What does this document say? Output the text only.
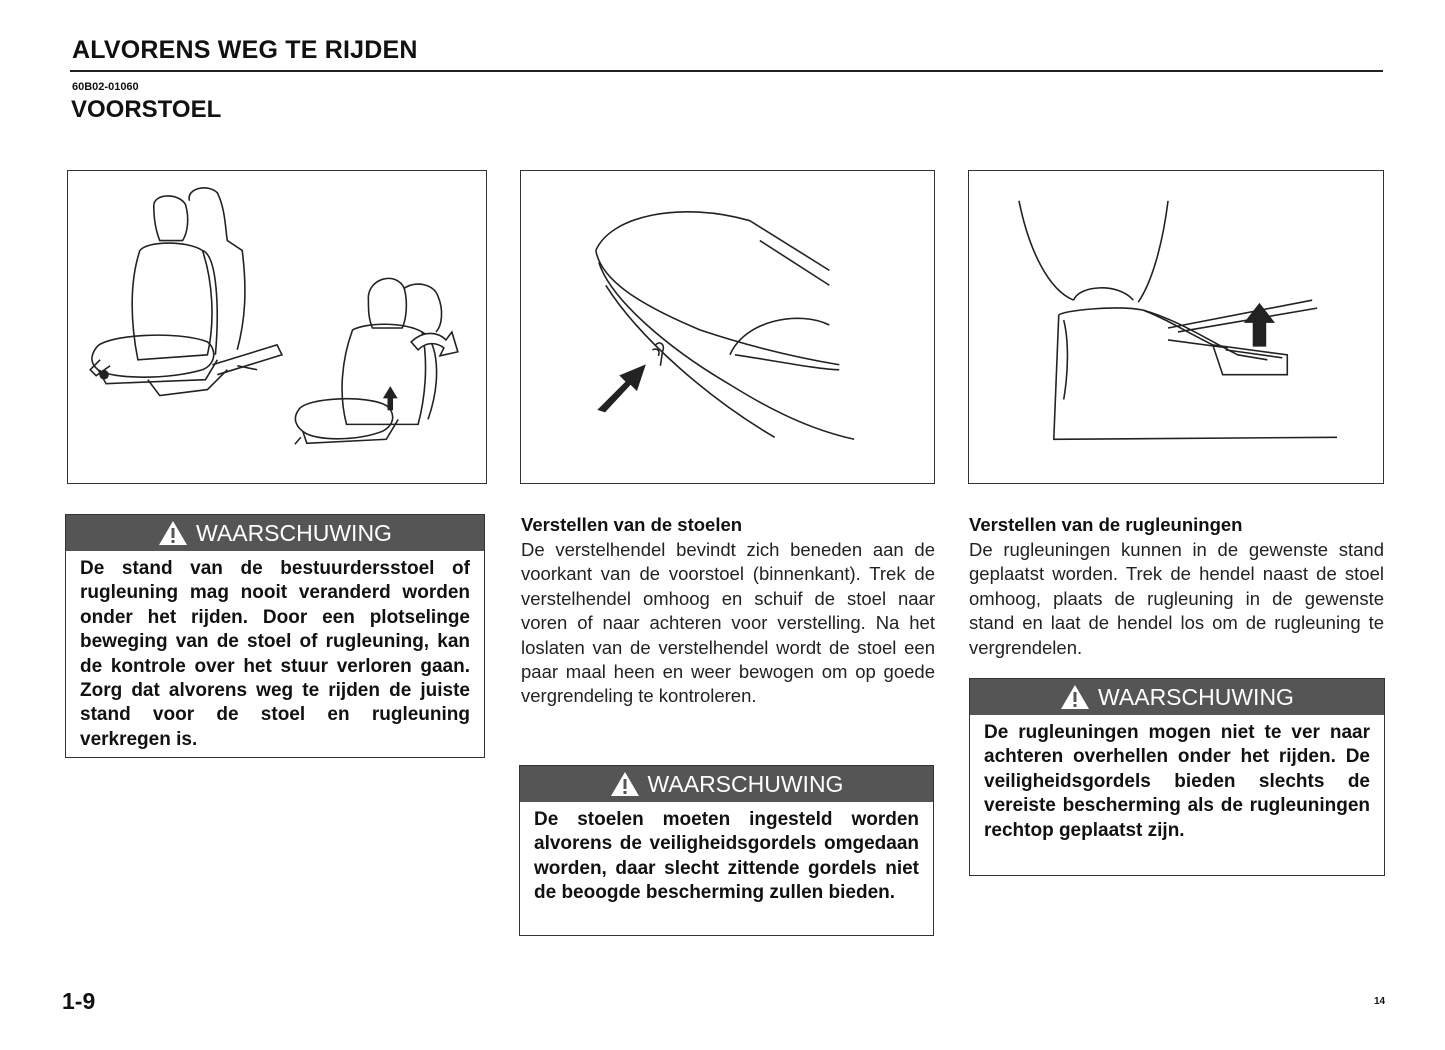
ALVORENS WEG TE RIJDEN
60B02-01060
VOORSTOEL
WAARSCHUWING
De stand van de bestuurdersstoel of rugleuning mag nooit veranderd worden onder het rijden. Door een plotselinge beweging van de stoel of rugleuning, kan de kontrole over het stuur verloren gaan. Zorg dat alvorens weg te rijden de juiste stand voor de stoel en rugleuning verkregen is.
Verstellen van de stoelen
De verstelhendel bevindt zich beneden aan de voorkant van de voorstoel (binnenkant). Trek de verstelhendel omhoog en schuif de stoel naar voren of naar achteren voor verstelling. Na het loslaten van de verstelhendel wordt de stoel een paar maal heen en weer bewogen om op goede vergrendeling te kontroleren.
WAARSCHUWING
De stoelen moeten ingesteld worden alvorens de veiligheidsgordels omgedaan worden, daar slecht zittende gordels niet de beoogde bescherming zullen bieden.
Verstellen van de rugleuningen
De rugleuningen kunnen in de gewenste stand geplaatst worden. Trek de hendel naast de stoel omhoog, plaats de rugleuning in de gewenste stand en laat de hendel los om de rugleuning te vergrendelen.
WAARSCHUWING
De rugleuningen mogen niet te ver naar achteren overhellen onder het rijden. De veiligheidsgordels bieden slechts de vereiste bescherming als de rugleuningen rechtop geplaatst zijn.
1-9	14
